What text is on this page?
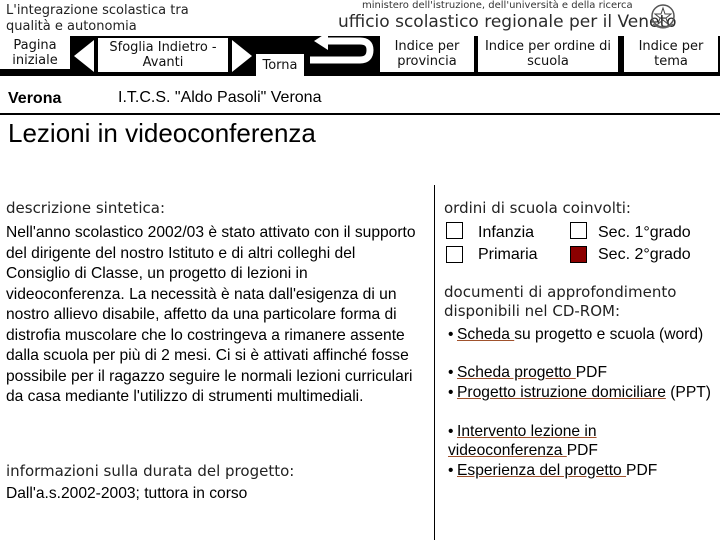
L'integrazione scolastica tra qualità e autonomia
ministero dell'istruzione, dell'università e della ricerca
ufficio scolastico regionale per il Veneto
Pagina iniziale
Sfoglia Indietro - Avanti	Torna
Indice per provincia
Indice per ordine di scuola
Indice per tema
Verona	I.T.C.S. "Aldo Pasoli" Verona
Lezioni in videoconferenza
descrizione sintetica:
Nell'anno scolastico 2002/03 è stato attivato con il supporto del dirigente del nostro Istituto e di altri colleghi del Consiglio di Classe, un progetto di lezioni in videoconferenza. La necessità è nata dall'esigenza di un nostro allievo disabile, affetto da una particolare forma di distrofia muscolare che lo costringeva a rimanere assente dalla scuola per più di 2 mesi. Ci si è attivati affinché fosse possibile per il ragazzo seguire le normali lezioni curriculari da casa mediante l'utilizzo di strumenti multimediali.
informazioni sulla durata del progetto:
Dall'a.s.2002-2003; tuttora in corso
ordini di scuola coinvolti:
Infanzia	Sec. 1°grado
Primaria	Sec. 2°grado
documenti di approfondimento disponibili nel CD-ROM:
• Scheda su progetto e scuola (word)
• Scheda progetto PDF
• Progetto istruzione domiciliare (PPT)
• Intervento lezione in videoconferenza PDF
• Esperienza del progetto PDF
